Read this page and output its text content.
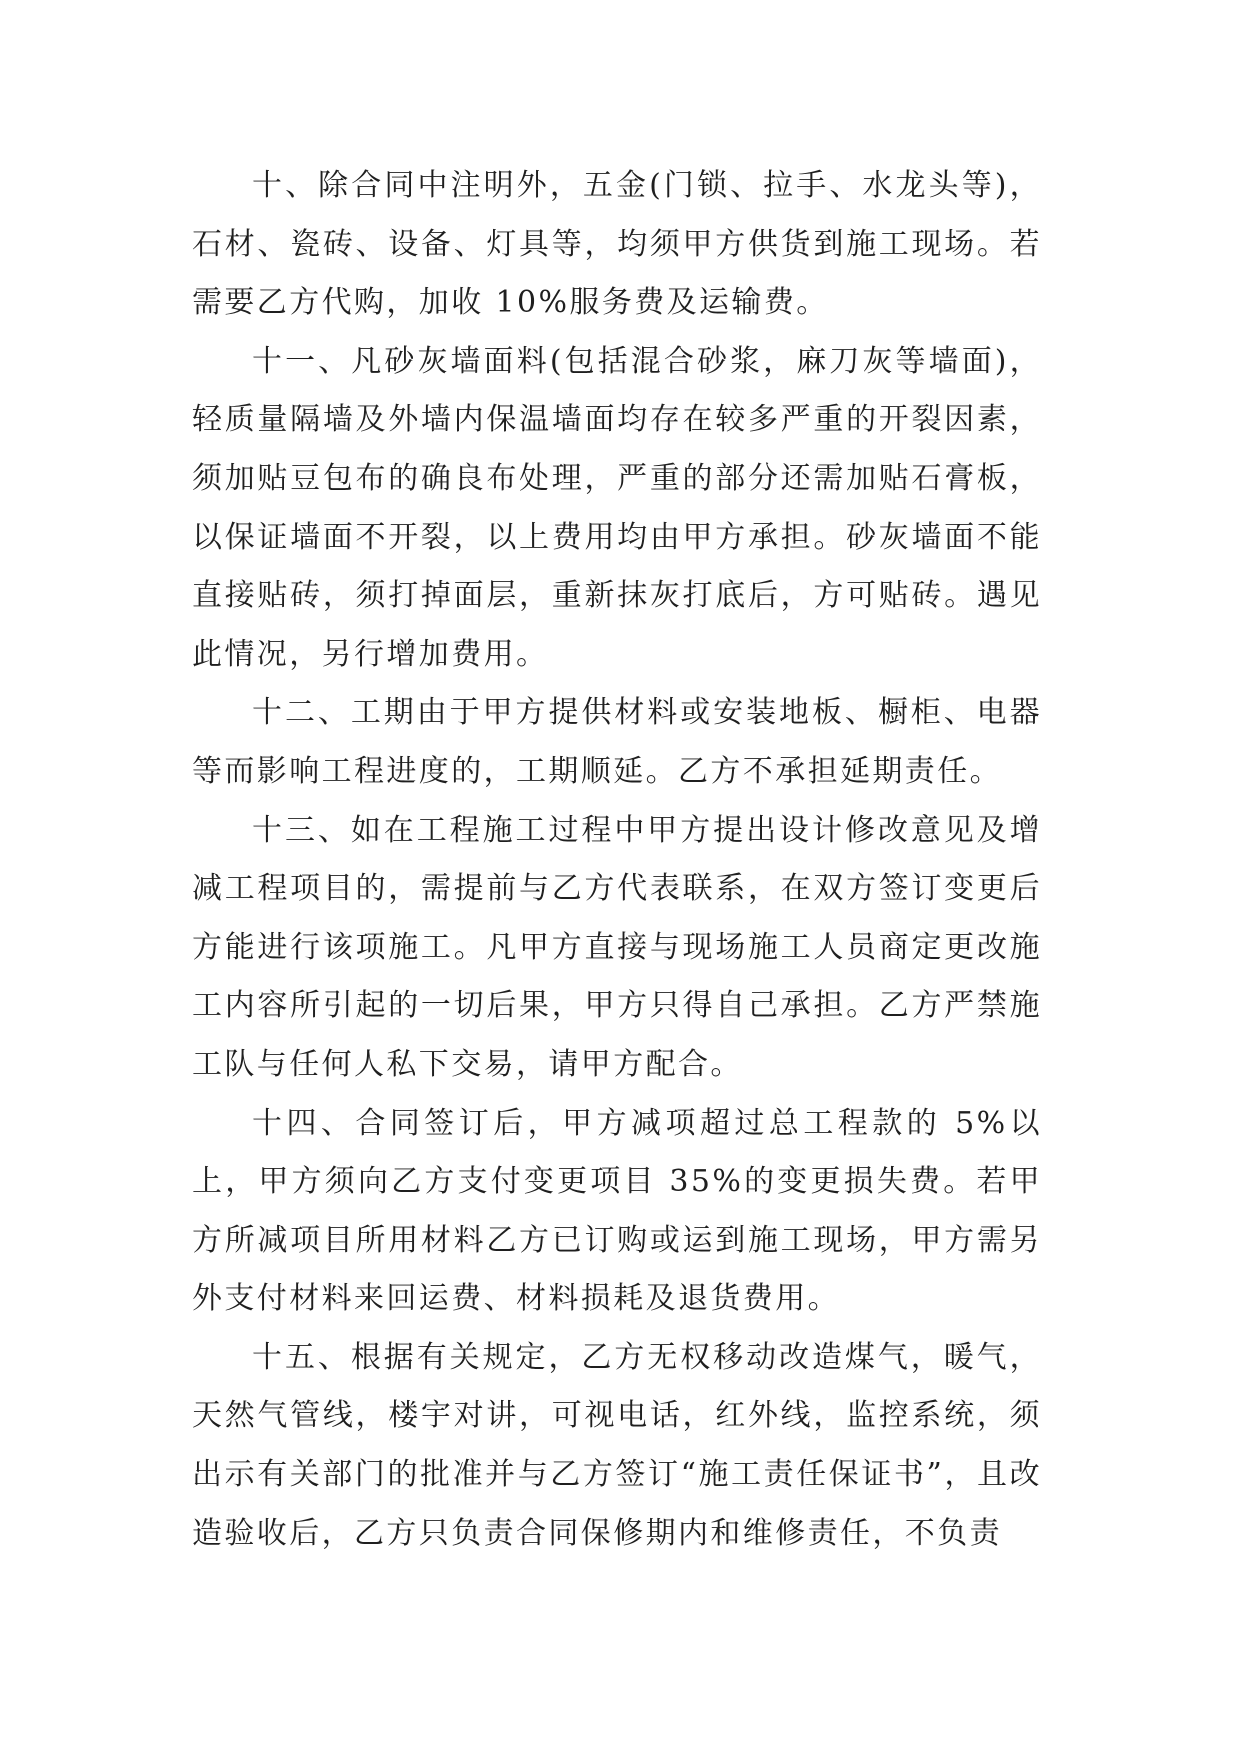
十、除合同中注明外，五金(门锁、拉手、水龙头等)，石材、瓷砖、设备、灯具等，均须甲方供货到施工现场。若需要乙方代购，加收 10%服务费及运输费。

十一、凡砂灰墙面料(包括混合砂浆，麻刀灰等墙面)，轻质量隔墙及外墙内保温墙面均存在较多严重的开裂因素，须加贴豆包布的确良布处理，严重的部分还需加贴石膏板，以保证墙面不开裂，以上费用均由甲方承担。砂灰墙面不能直接贴砖，须打掉面层，重新抹灰打底后，方可贴砖。遇见此情况，另行增加费用。

十二、工期由于甲方提供材料或安装地板、橱柜、电器等而影响工程进度的，工期顺延。乙方不承担延期责任。

十三、如在工程施工过程中甲方提出设计修改意见及增减工程项目的，需提前与乙方代表联系，在双方签订变更后方能进行该项施工。凡甲方直接与现场施工人员商定更改施工内容所引起的一切后果，甲方只得自己承担。乙方严禁施工队与任何人私下交易，请甲方配合。

十四、合同签订后，甲方减项超过总工程款的 5%以上，甲方须向乙方支付变更项目 35%的变更损失费。若甲方所减项目所用材料乙方已订购或运到施工现场，甲方需另外支付材料来回运费、材料损耗及退货费用。

十五、根据有关规定，乙方无权移动改造煤气，暖气，天然气管线，楼宇对讲，可视电话，红外线，监控系统，须出示有关部门的批准并与乙方签订“施工责任保证书”，且改造验收后，乙方只负责合同保修期内和维修责任，不负责
